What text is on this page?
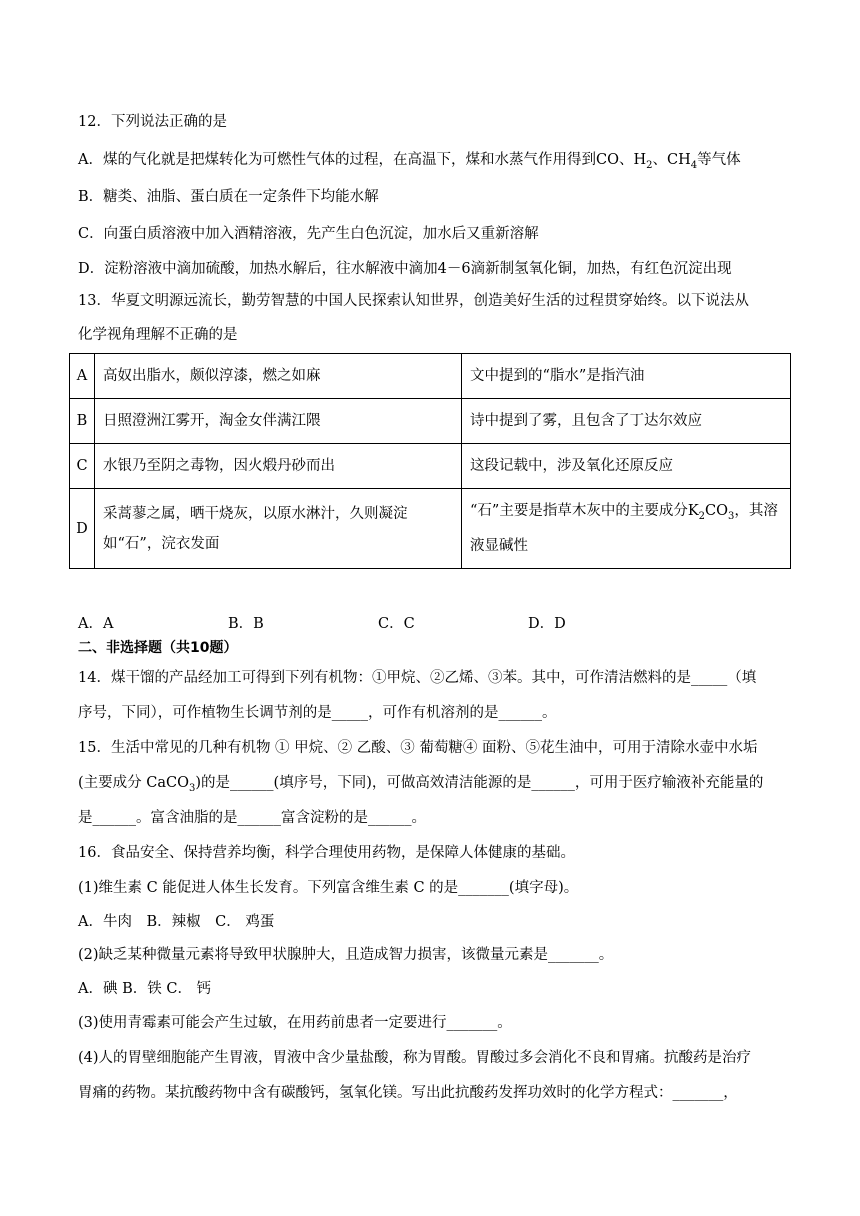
12．下列说法正确的是
A．煤的气化就是把煤转化为可燃性气体的过程，在高温下，煤和水蒸气作用得到CO、$H_2$、$CH_4$等气体
B．糖类、油脂、蛋白质在一定条件下均能水解
C．向蛋白质溶液中加入酒精溶液，先产生白色沉淀，加水后又重新溶解
D．淀粉溶液中滴加硫酸，加热水解后，往水解液中滴加4－6滴新制氢氧化铜，加热，有红色沉淀出现
13．华夏文明源远流长，勤劳智慧的中国人民探索认知世界，创造美好生活的过程贯穿始终。以下说法从
化学视角理解不正确的是
A	高奴出脂水，颇似淳漆，燃之如麻	文中提到的“脂水”是指汽油
B	日照澄洲江雾开，淘金女伴满江隈	诗中提到了雾，且包含了丁达尔效应
C	水银乃至阴之毒物，因火煅丹砂而出	这段记载中，涉及氧化还原反应
D	采蒿蓼之属，晒干烧灰，以原水淋汁，久则凝淀如“石”，浣衣发面	“石”主要是指草木灰中的主要成分$K_2CO_3$，其溶液显碱性
A．A	B．B	C．C	D．D
二、非选择题（共10题）
14．煤干馏的产品经加工可得到下列有机物：①甲烷、②乙烯、③苯。其中，可作清洁燃料的是_____（填
序号，下同），可作植物生长调节剂的是_____，可作有机溶剂的是______。
15．生活中常见的几种有机物 ① 甲烷、② 乙酸、③ 葡萄糖④ 面粉、⑤花生油中，可用于清除水壶中水垢
(主要成分 CaCO$_3$)的是______(填序号，下同)，可做高效清洁能源的是______，可用于医疗输液补充能量的
是______。富含油脂的是______富含淀粉的是______。
16．食品安全、保持营养均衡，科学合理使用药物，是保障人体健康的基础。
(1)维生素 C 能促进人体生长发育。下列富含维生素 C 的是_______(填字母)。
A．牛肉　B．辣椒　C． 鸡蛋
(2)缺乏某种微量元素将导致甲状腺肿大，且造成智力损害，该微量元素是_______。
A．碘 B．铁 C． 钙
(3)使用青霉素可能会产生过敏，在用药前患者一定要进行_______。
(4)人的胃壁细胞能产生胃液，胃液中含少量盐酸，称为胃酸。胃酸过多会消化不良和胃痛。抗酸药是治疗
胃痛的药物。某抗酸药物中含有碳酸钙，氢氧化镁。写出此抗酸药发挥功效时的化学方程式：_______，
